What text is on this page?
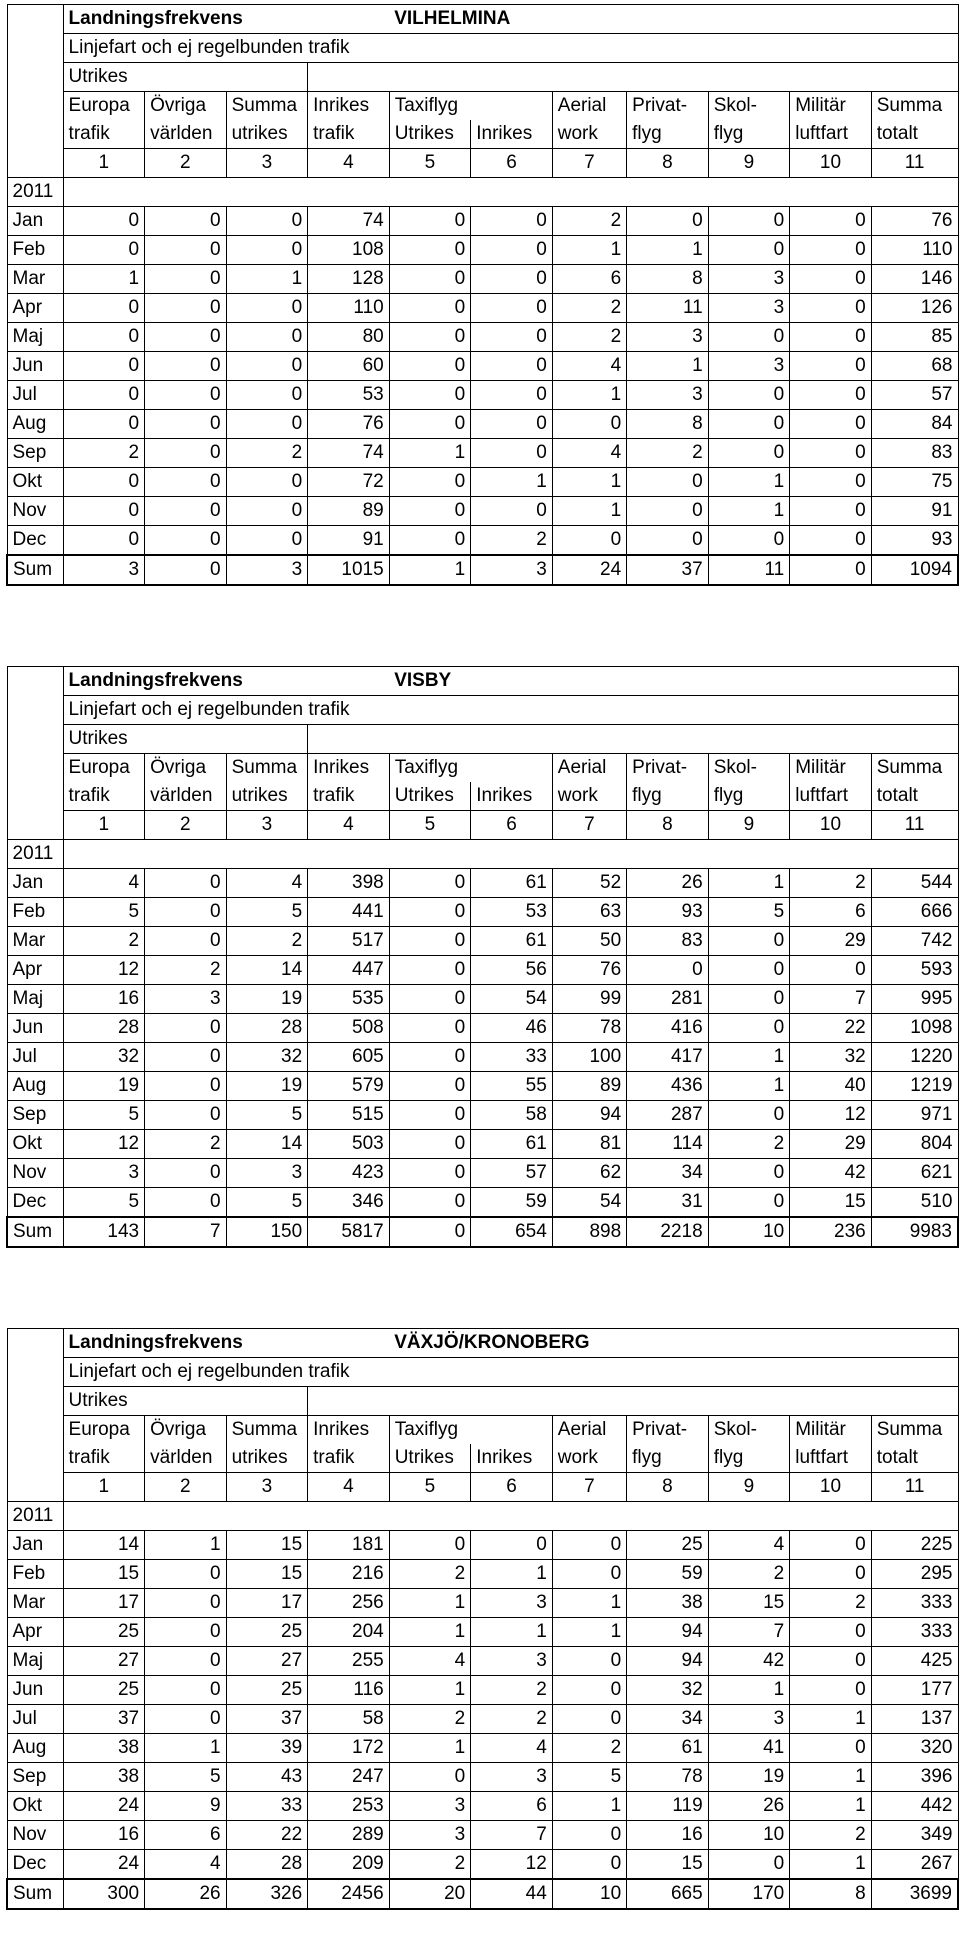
	Landningsfrekvens				VILHELMINA						
	Linjefart och ej regelbunden trafik										
	Utrikes										
	Europa	Övriga	Summa	Inrikes	Taxiflyg		Aerial	Privat-	Skol-	Militär	Summa
	trafik	världen	utrikes	trafik	Utrikes	Inrikes	work	flyg	flyg	luftfart	totalt
	1	2	3	4	5	6	7	8	9	10	11
2011											
Jan	0	0	0	74	0	0	2	0	0	0	76
Feb	0	0	0	108	0	0	1	1	0	0	110
Mar	1	0	1	128	0	0	6	8	3	0	146
Apr	0	0	0	110	0	0	2	11	3	0	126
Maj	0	0	0	80	0	0	2	3	0	0	85
Jun	0	0	0	60	0	0	4	1	3	0	68
Jul	0	0	0	53	0	0	1	3	0	0	57
Aug	0	0	0	76	0	0	0	8	0	0	84
Sep	2	0	2	74	1	0	4	2	0	0	83
Okt	0	0	0	72	0	1	1	0	1	0	75
Nov	0	0	0	89	0	0	1	0	1	0	91
Dec	0	0	0	91	0	2	0	0	0	0	93
Sum	3	0	3	1015	1	3	24	37	11	0	1094
	Landningsfrekvens				VISBY						
	Linjefart och ej regelbunden trafik										
	Utrikes										
	Europa	Övriga	Summa	Inrikes	Taxiflyg		Aerial	Privat-	Skol-	Militär	Summa
	trafik	världen	utrikes	trafik	Utrikes	Inrikes	work	flyg	flyg	luftfart	totalt
	1	2	3	4	5	6	7	8	9	10	11
2011											
Jan	4	0	4	398	0	61	52	26	1	2	544
Feb	5	0	5	441	0	53	63	93	5	6	666
Mar	2	0	2	517	0	61	50	83	0	29	742
Apr	12	2	14	447	0	56	76	0	0	0	593
Maj	16	3	19	535	0	54	99	281	0	7	995
Jun	28	0	28	508	0	46	78	416	0	22	1098
Jul	32	0	32	605	0	33	100	417	1	32	1220
Aug	19	0	19	579	0	55	89	436	1	40	1219
Sep	5	0	5	515	0	58	94	287	0	12	971
Okt	12	2	14	503	0	61	81	114	2	29	804
Nov	3	0	3	423	0	57	62	34	0	42	621
Dec	5	0	5	346	0	59	54	31	0	15	510
Sum	143	7	150	5817	0	654	898	2218	10	236	9983
	Landningsfrekvens				VÄXJÖ/KRONOBERG						
	Linjefart och ej regelbunden trafik										
	Utrikes										
	Europa	Övriga	Summa	Inrikes	Taxiflyg		Aerial	Privat-	Skol-	Militär	Summa
	trafik	världen	utrikes	trafik	Utrikes	Inrikes	work	flyg	flyg	luftfart	totalt
	1	2	3	4	5	6	7	8	9	10	11
2011											
Jan	14	1	15	181	0	0	0	25	4	0	225
Feb	15	0	15	216	2	1	0	59	2	0	295
Mar	17	0	17	256	1	3	1	38	15	2	333
Apr	25	0	25	204	1	1	1	94	7	0	333
Maj	27	0	27	255	4	3	0	94	42	0	425
Jun	25	0	25	116	1	2	0	32	1	0	177
Jul	37	0	37	58	2	2	0	34	3	1	137
Aug	38	1	39	172	1	4	2	61	41	0	320
Sep	38	5	43	247	0	3	5	78	19	1	396
Okt	24	9	33	253	3	6	1	119	26	1	442
Nov	16	6	22	289	3	7	0	16	10	2	349
Dec	24	4	28	209	2	12	0	15	0	1	267
Sum	300	26	326	2456	20	44	10	665	170	8	3699
